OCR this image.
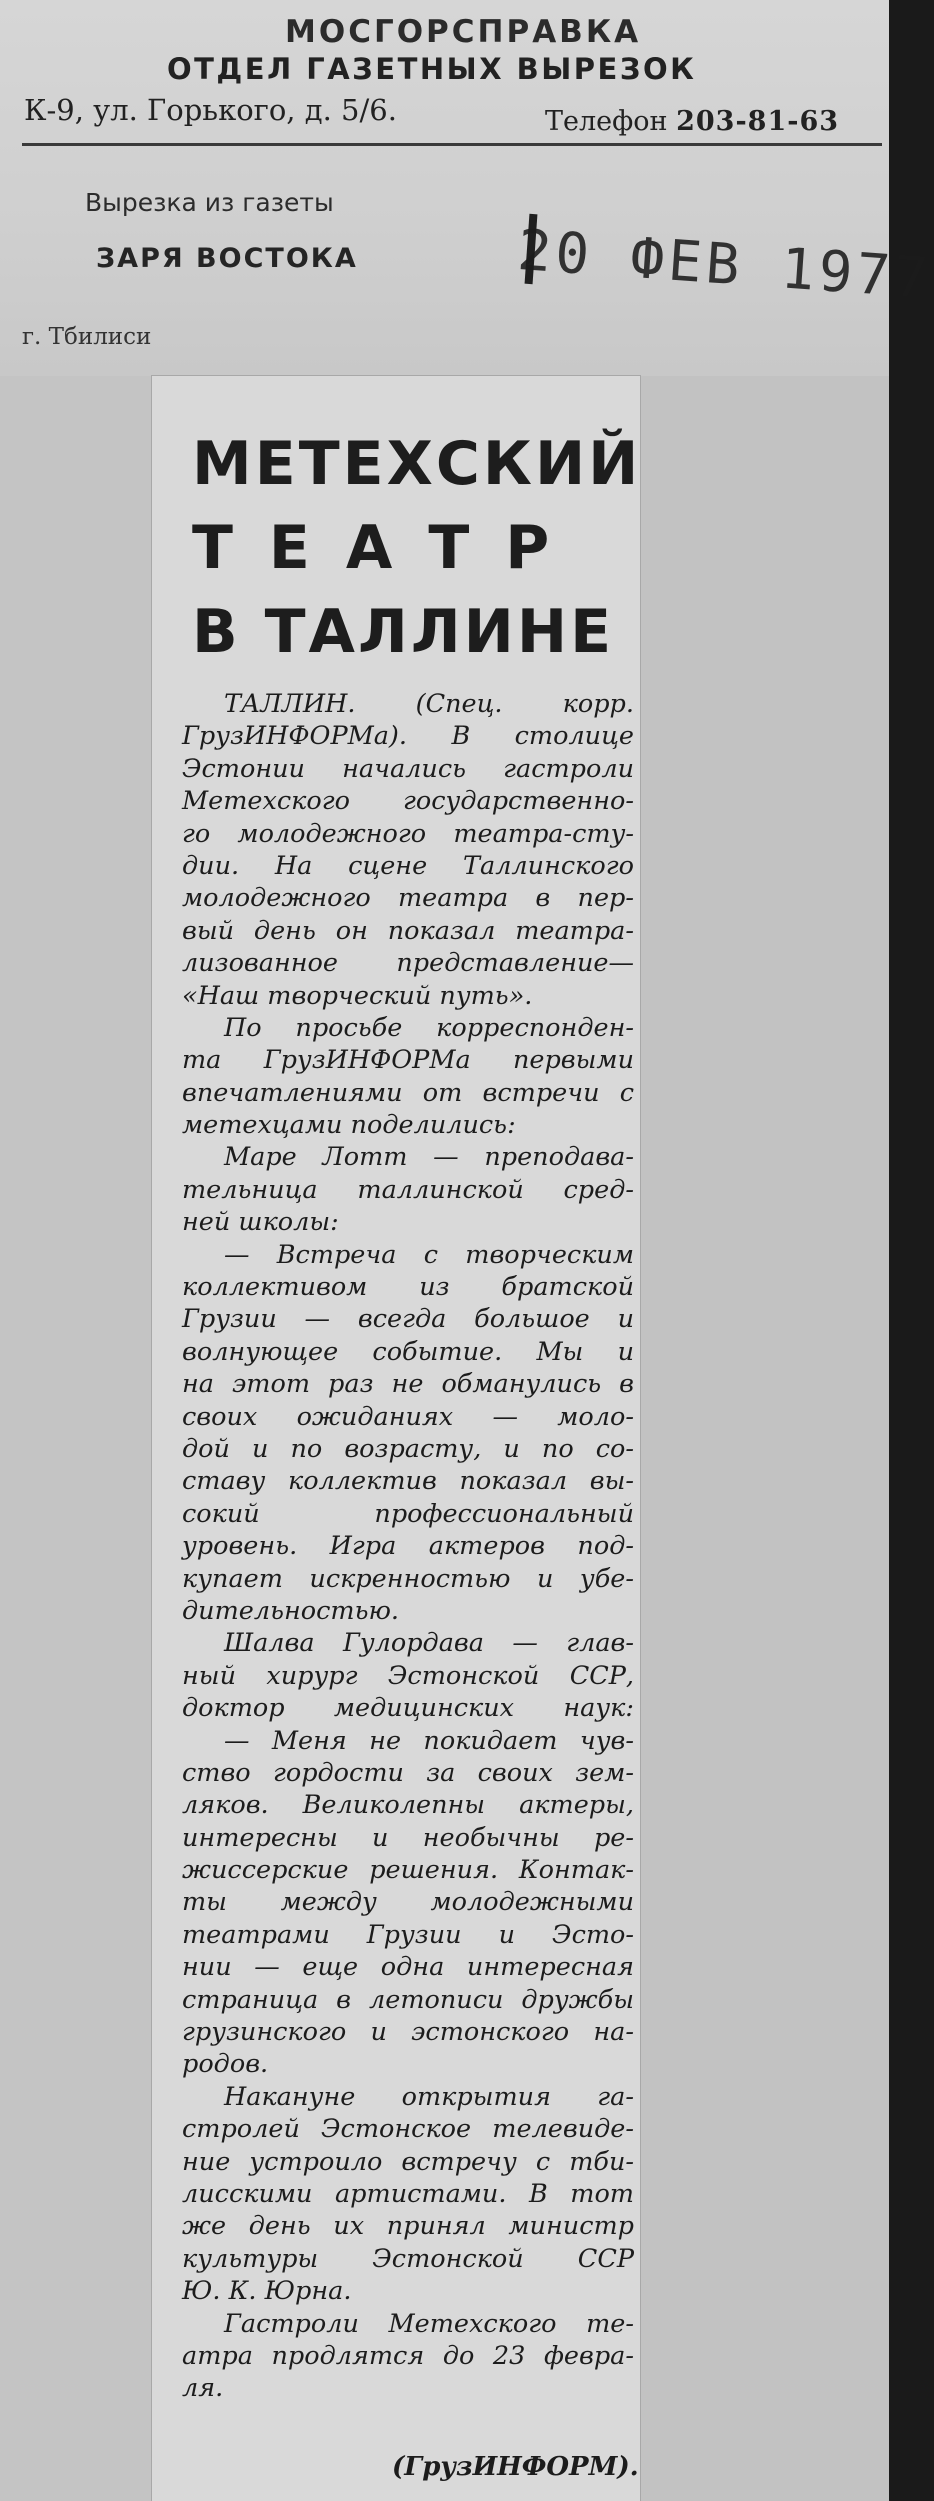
МОСГОРСПРАВКА
ОТДЕЛ ГАЗЕТНЫХ ВЫРЕЗОК
К-9, ул. Горького, д. 5/6.	Телефон 203-81-63
Вырезка из газеты
ЗАРЯ ВОСТОКА
г. Тбилиси
20 ФЕВ 1977
МЕТЕХСКИЙ
ТЕАТР
В ТАЛЛИНЕ
ТАЛЛИН. (Спец. корр.
ГрузИНФОРМа). В столице
Эстонии начались гастроли
Метехского государственно-
го молодежного театра-сту-
дии. На сцене Таллинского
молодежного театра в пер-
вый день он показал театра-
лизованное представление—
«Наш творческий путь».
По просьбе корреспонден-
та ГрузИНФОРМа первыми
впечатлениями от встречи с
метехцами поделились:
Маре Лотт — преподава-
тельница таллинской сред-
ней школы:
— Встреча с творческим
коллективом из братской
Грузии — всегда большое и
волнующее событие. Мы и
на этот раз не обманулись в
своих ожиданиях — моло-
дой и по возрасту, и по со-
ставу коллектив показал вы-
сокий профессиональный
уровень. Игра актеров под-
купает искренностью и убе-
дительностью.
Шалва Гулордава — глав-
ный хирург Эстонской ССР,
доктор медицинских наук:
— Меня не покидает чув-
ство гордости за своих зем-
ляков. Великолепны актеры,
интересны и необычны ре-
жиссерские решения. Контак-
ты между молодежными
театрами Грузии и Эсто-
нии — еще одна интересная
страница в летописи дружбы
грузинского и эстонского на-
родов.
Накануне открытия га-
стролей Эстонское телевиде-
ние устроило встречу с тби-
лисскими артистами. В тот
же день их принял министр
культуры Эстонской ССР
Ю. К. Юрна.
Гастроли Метехского те-
атра продлятся до 23 февра-
ля.
(ГрузИНФОРМ).
